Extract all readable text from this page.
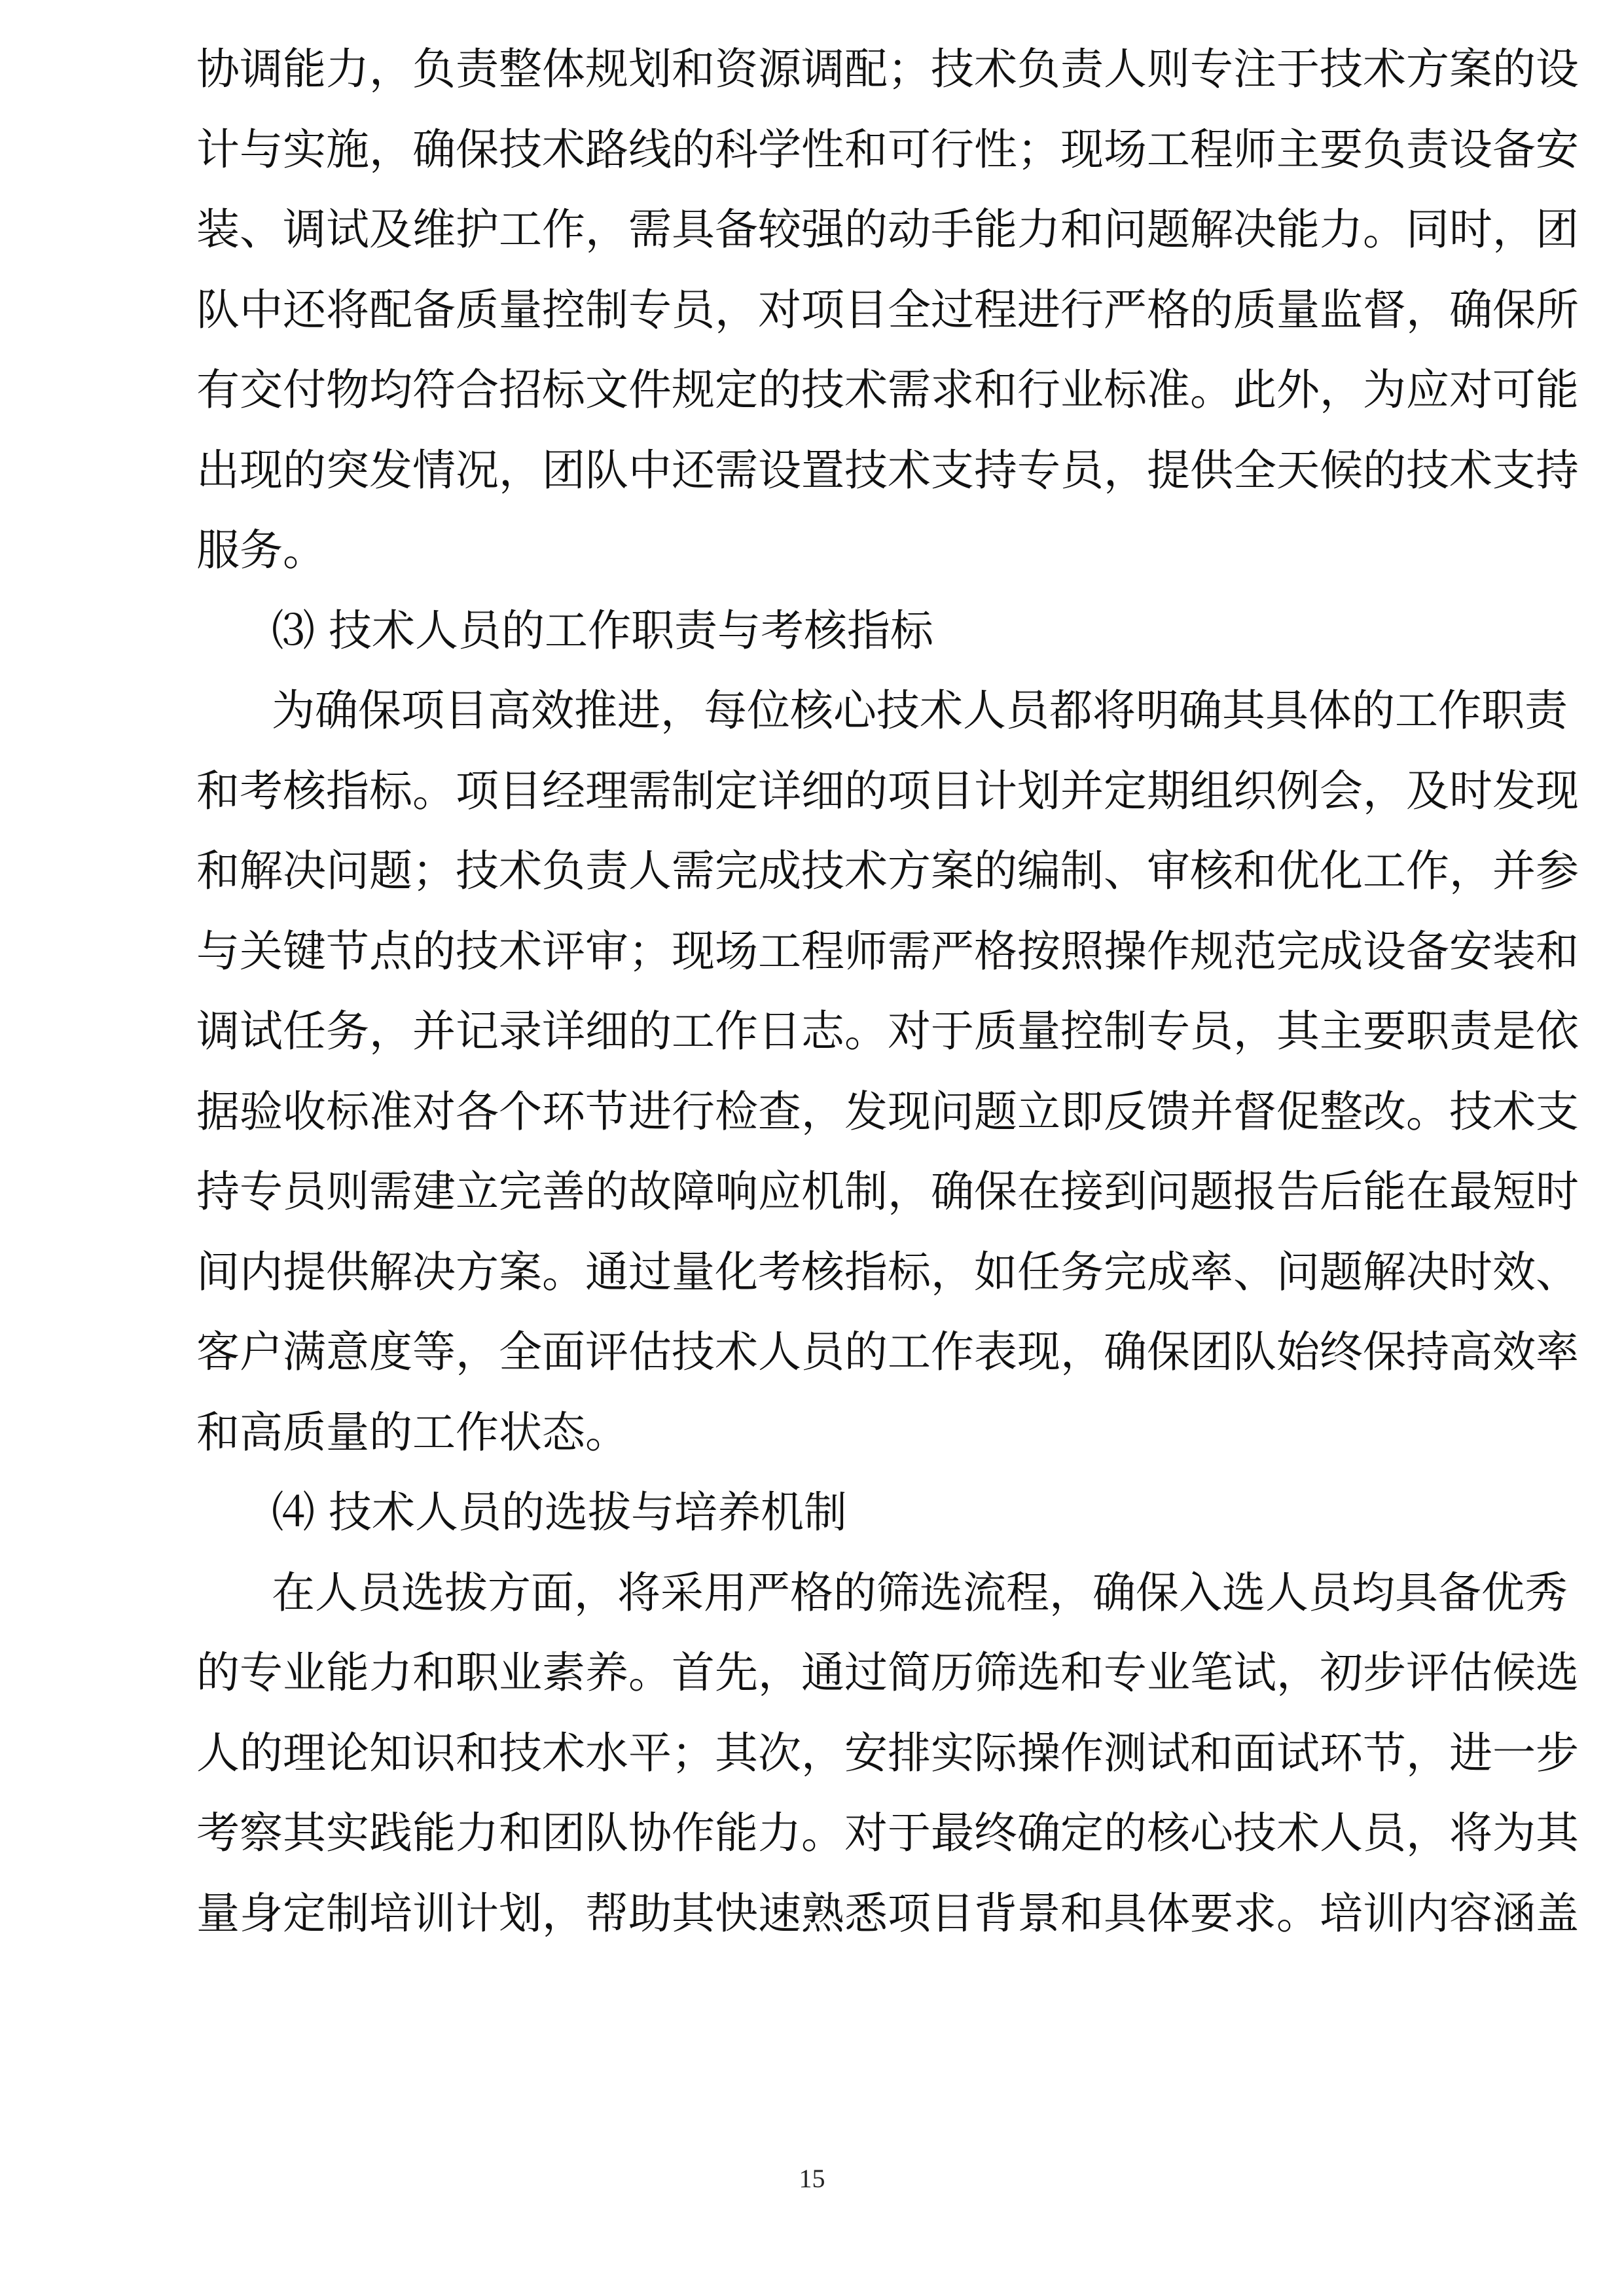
协调能力，负责整体规划和资源调配；技术负责人则专注于技术方案的设
计与实施，确保技术路线的科学性和可行性；现场工程师主要负责设备安
装、调试及维护工作，需具备较强的动手能力和问题解决能力。同时，团
队中还将配备质量控制专员，对项目全过程进行严格的质量监督，确保所
有交付物均符合招标文件规定的技术需求和行业标准。此外，为应对可能
出现的突发情况，团队中还需设置技术支持专员，提供全天候的技术支持
服务。
⑶ 技术人员的工作职责与考核指标
为确保项目高效推进，每位核心技术人员都将明确其具体的工作职责
和考核指标。项目经理需制定详细的项目计划并定期组织例会，及时发现
和解决问题；技术负责人需完成技术方案的编制、审核和优化工作，并参
与关键节点的技术评审；现场工程师需严格按照操作规范完成设备安装和
调试任务，并记录详细的工作日志。对于质量控制专员，其主要职责是依
据验收标准对各个环节进行检查，发现问题立即反馈并督促整改。技术支
持专员则需建立完善的故障响应机制，确保在接到问题报告后能在最短时
间内提供解决方案。通过量化考核指标，如任务完成率、问题解决时效、
客户满意度等，全面评估技术人员的工作表现，确保团队始终保持高效率
和高质量的工作状态。
⑷ 技术人员的选拔与培养机制
在人员选拔方面，将采用严格的筛选流程，确保入选人员均具备优秀
的专业能力和职业素养。首先，通过简历筛选和专业笔试，初步评估候选
人的理论知识和技术水平；其次，安排实际操作测试和面试环节，进一步
考察其实践能力和团队协作能力。对于最终确定的核心技术人员，将为其
量身定制培训计划，帮助其快速熟悉项目背景和具体要求。培训内容涵盖
15
